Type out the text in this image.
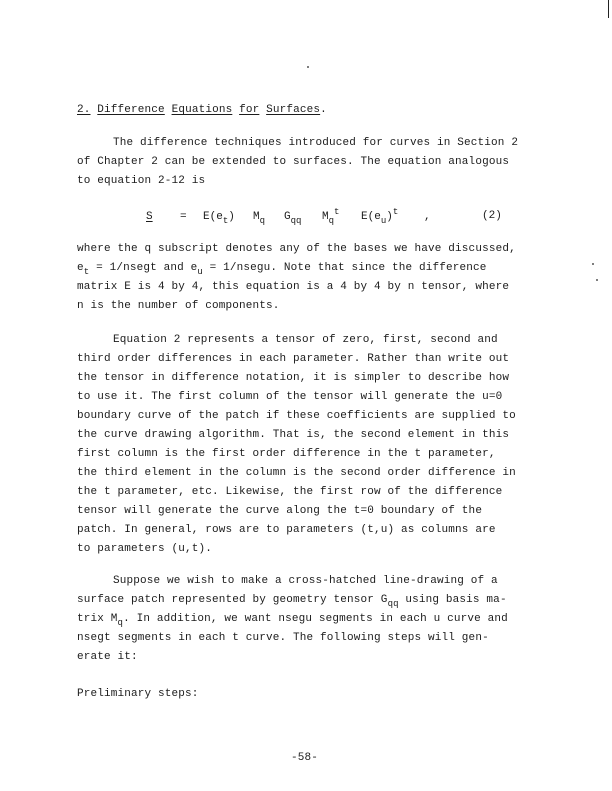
2. Difference Equations for Surfaces.
The difference techniques introduced for curves in Section 2
of Chapter 2 can be extended to surfaces. The equation analogous
to equation 2-12 is
$S = E(e_t)$ $M_q$ $G_{qq}$ $M_q^t$ $E(e_u)^t$ ,	(2)
where the q subscript denotes any of the bases we have discussed,
$e_t$ = 1/nsegt and $e_u$ = 1/nsegu. Note that since the difference
matrix E is 4 by 4, this equation is a 4 by 4 by n tensor, where
n is the number of components.
Equation 2 represents a tensor of zero, first, second and
third order differences in each parameter. Rather than write out
the tensor in difference notation, it is simpler to describe how
to use it. The first column of the tensor will generate the u=0
boundary curve of the patch if these coefficients are supplied to
the curve drawing algorithm. That is, the second element in this
first column is the first order difference in the t parameter,
the third element in the column is the second order difference in
the t parameter, etc. Likewise, the first row of the difference
tensor will generate the curve along the t=0 boundary of the
patch. In general, rows are to parameters (t,u) as columns are
to parameters (u,t).
Suppose we wish to make a cross-hatched line-drawing of a
surface patch represented by geometry tensor $G_{qq}$ using basis ma-
trix $M_q$. In addition, we want nsegu segments in each u curve and
nsegt segments in each t curve. The following steps will gen-
erate it:
Preliminary steps:
-58-
